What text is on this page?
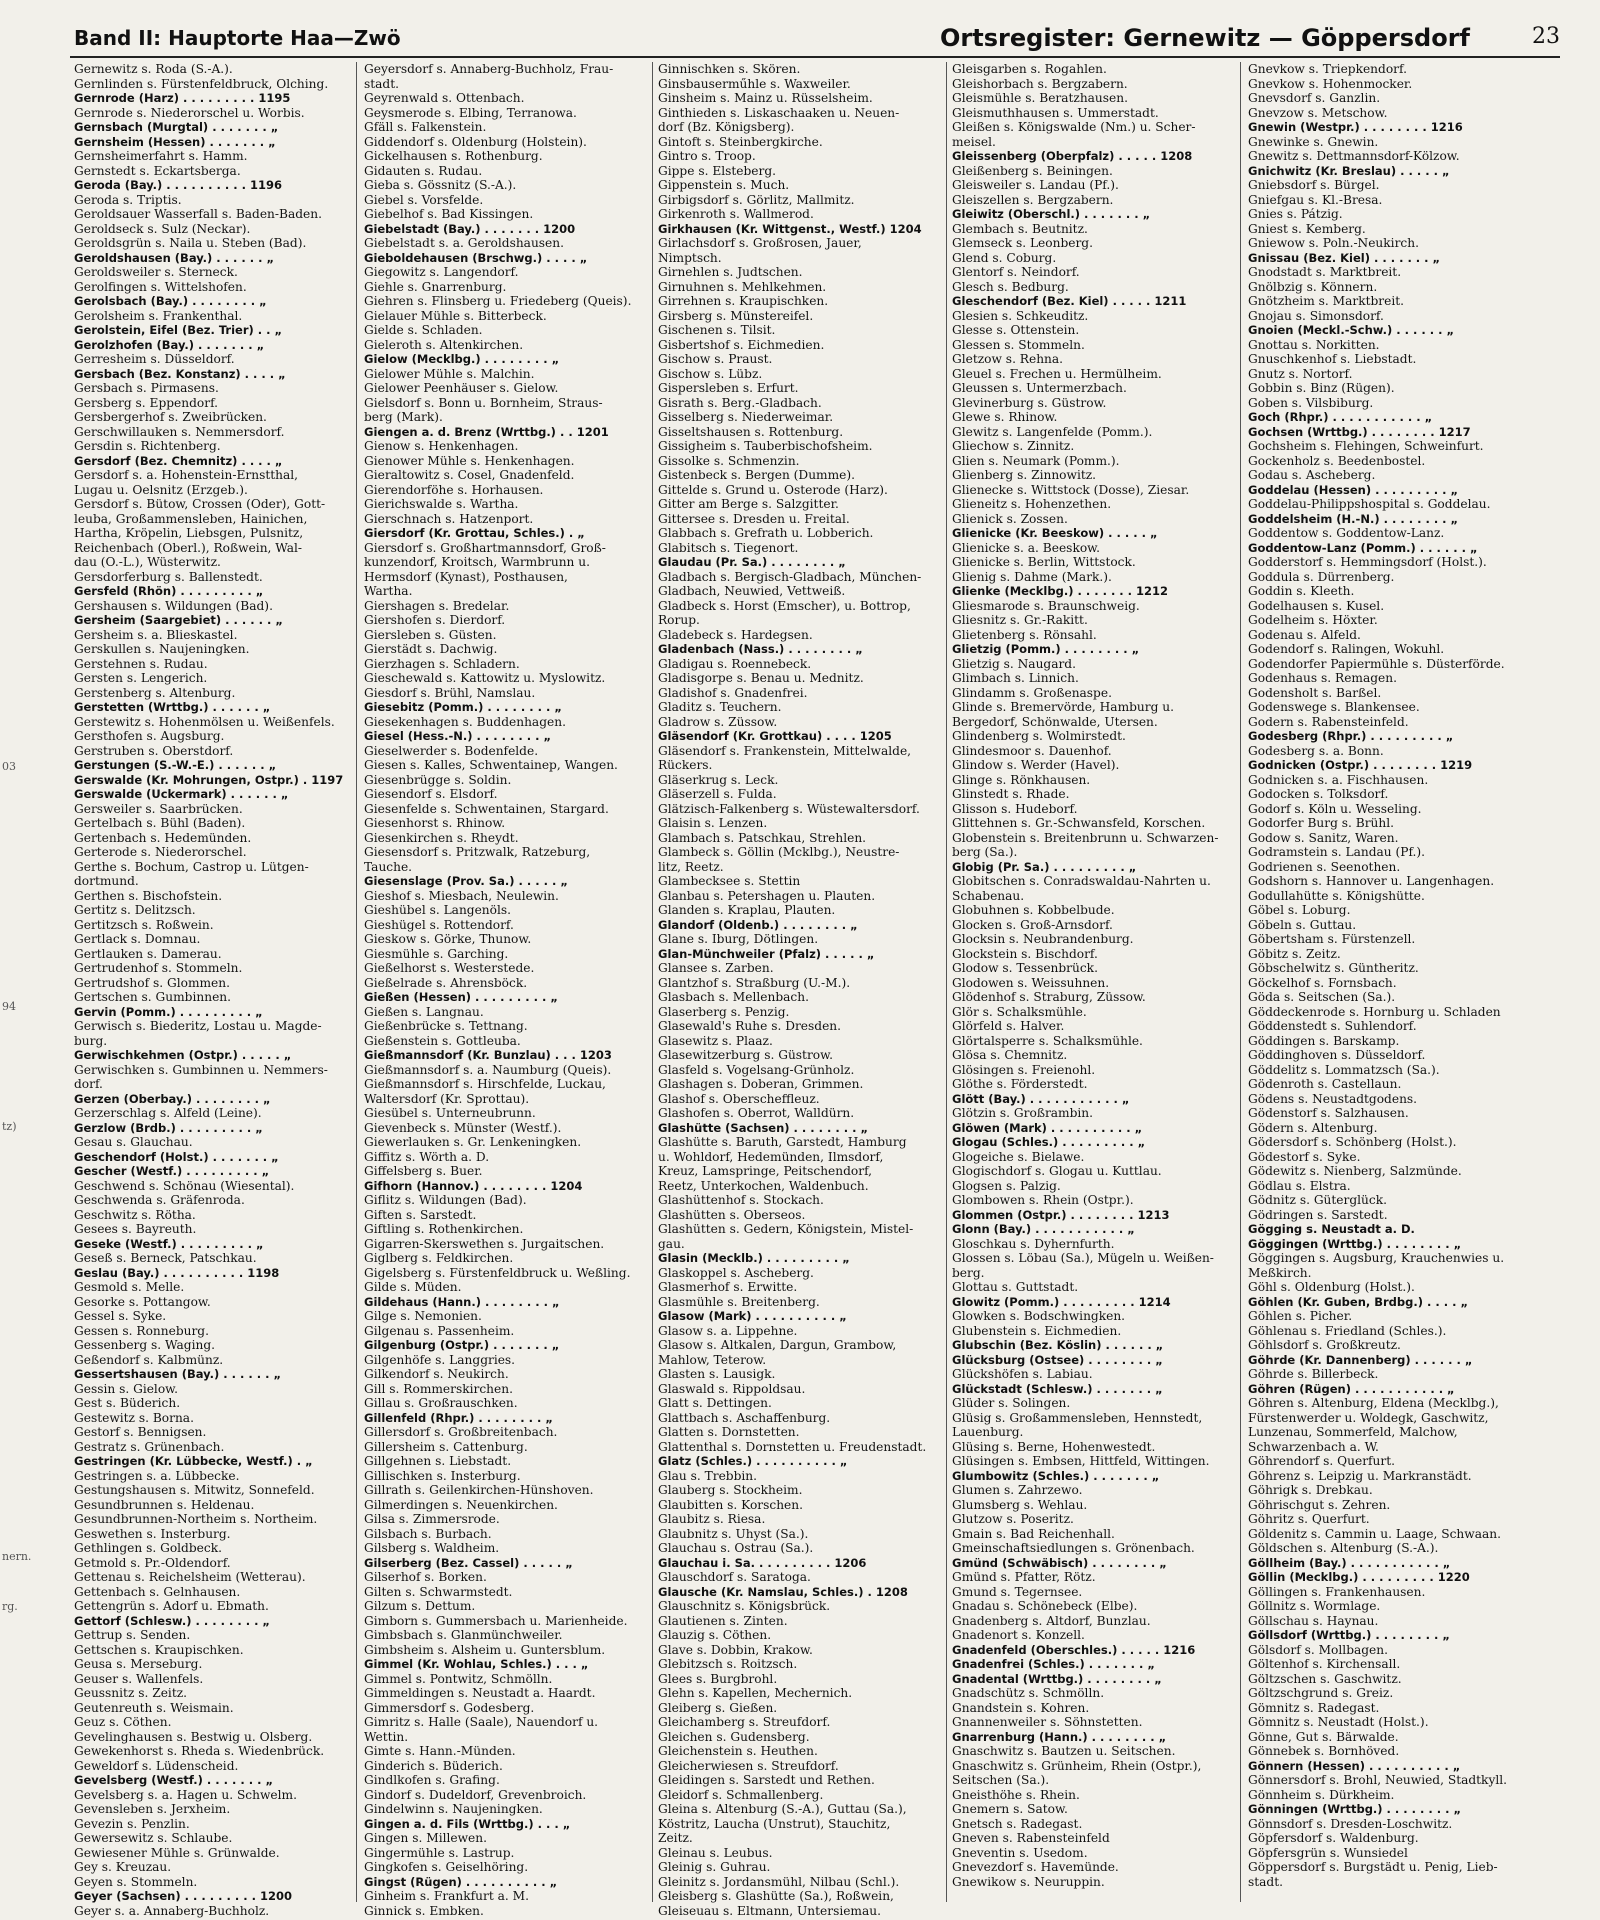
Band II: Hauptorte Haa—Zwö	Ortsregister: Gernewitz — Göppersdorf	23
03
94
tz)
nern.
rg.
Gernewitz s. Roda (S.-A.).
Gernlinden s. Fürstenfeldbruck, Olching.
Gernrode (Harz) . . . . . . . . . 1195
Gernrode s. Niederorschel u. Worbis.
Gernsbach (Murgtal) . . . . . . . „
Gernsheim (Hessen) . . . . . . . „
Gernsheimerfahrt s. Hamm.
Gernstedt s. Eckartsberga.
Geroda (Bay.) . . . . . . . . . . 1196
Geroda s. Triptis.
Geroldsauer Wasserfall s. Baden-Baden.
Geroldseck s. Sulz (Neckar).
Geroldsgrün s. Naila u. Steben (Bad).
Geroldshausen (Bay.) . . . . . . „
Geroldsweiler s. Sterneck.
Gerolfingen s. Wittelshofen.
Gerolsbach (Bay.) . . . . . . . . „
Gerolsheim s. Frankenthal.
Gerolstein, Eifel (Bez. Trier) . . „
Gerolzhofen (Bay.) . . . . . . . „
Gerresheim s. Düsseldorf.
Gersbach (Bez. Konstanz) . . . . „
Gersbach s. Pirmasens.
Gersberg s. Eppendorf.
Gersbergerhof s. Zweibrücken.
Gerschwillauken s. Nemmersdorf.
Gersdin s. Richtenberg.
Gersdorf (Bez. Chemnitz) . . . . „
Gersdorf s. a. Hohenstein-Ernstthal,
Lugau u. Oelsnitz (Erzgeb.).
Gersdorf s. Bütow, Crossen (Oder), Gott-
leuba, Großammensleben, Hainichen,
Hartha, Kröpelin, Liebsgen, Pulsnitz,
Reichenbach (Oberl.), Roßwein, Wal-
dau (O.-L.), Wüsterwitz.
Gersdorferburg s. Ballenstedt.
Gersfeld (Rhön) . . . . . . . . . „
Gershausen s. Wildungen (Bad).
Gersheim (Saargebiet) . . . . . . „
Gersheim s. a. Blieskastel.
Gerskullen s. Naujeningken.
Gerstehnen s. Rudau.
Gersten s. Lengerich.
Gerstenberg s. Altenburg.
Gerstetten (Wrttbg.) . . . . . . „
Gerstewitz s. Hohenmölsen u. Weißenfels.
Gersthofen s. Augsburg.
Gerstruben s. Oberstdorf.
Gerstungen (S.-W.-E.) . . . . . . „
Gerswalde (Kr. Mohrungen, Ostpr.) . 1197
Gerswalde (Uckermark) . . . . . . „
Gersweiler s. Saarbrücken.
Gertelbach s. Bühl (Baden).
Gertenbach s. Hedemünden.
Gerterode s. Niederorschel.
Gerthe s. Bochum, Castrop u. Lütgen-
dortmund.
Gerthen s. Bischofstein.
Gertitz s. Delitzsch.
Gertitzsch s. Roßwein.
Gertlack s. Domnau.
Gertlauken s. Damerau.
Gertrudenhof s. Stommeln.
Gertrudshof s. Glommen.
Gertschen s. Gumbinnen.
Gervin (Pomm.) . . . . . . . . . „
Gerwisch s. Biederitz, Lostau u. Magde-
burg.
Gerwischkehmen (Ostpr.) . . . . . „
Gerwischken s. Gumbinnen u. Nemmers-
dorf.
Gerzen (Oberbay.) . . . . . . . . „
Gerzerschlag s. Alfeld (Leine).
Gerzlow (Brdb.) . . . . . . . . . „
Gesau s. Glauchau.
Geschendorf (Holst.) . . . . . . . „
Gescher (Westf.) . . . . . . . . . „
Geschwend s. Schönau (Wiesental).
Geschwenda s. Gräfenroda.
Geschwitz s. Rötha.
Gesees s. Bayreuth.
Geseke (Westf.) . . . . . . . . . „
Geseß s. Berneck, Patschkau.
Geslau (Bay.) . . . . . . . . . . 1198
Gesmold s. Melle.
Gesorke s. Pottangow.
Gessel s. Syke.
Gessen s. Ronneburg.
Gessenberg s. Waging.
Geßendorf s. Kalbmünz.
Gessertshausen (Bay.) . . . . . . „
Gessin s. Gielow.
Gest s. Büderich.
Gestewitz s. Borna.
Gestorf s. Bennigsen.
Gestratz s. Grünenbach.
Gestringen (Kr. Lübbecke, Westf.) . „
Gestringen s. a. Lübbecke.
Gestungshausen s. Mitwitz, Sonnefeld.
Gesundbrunnen s. Heldenau.
Gesundbrunnen-Northeim s. Northeim.
Geswethen s. Insterburg.
Gethlingen s. Goldbeck.
Getmold s. Pr.-Oldendorf.
Gettenau s. Reichelsheim (Wetterau).
Gettenbach s. Gelnhausen.
Gettengrün s. Adorf u. Ebmath.
Gettorf (Schlesw.) . . . . . . . . „
Gettrup s. Senden.
Gettschen s. Kraupischken.
Geusa s. Merseburg.
Geuser s. Wallenfels.
Geussnitz s. Zeitz.
Geutenreuth s. Weismain.
Geuz s. Cöthen.
Gevelinghausen s. Bestwig u. Olsberg.
Gewekenhorst s. Rheda s. Wiedenbrück.
Geweldorf s. Lüdenscheid.
Gevelsberg (Westf.) . . . . . . . „
Gevelsberg s. a. Hagen u. Schwelm.
Gevensleben s. Jerxheim.
Gevezin s. Penzlin.
Gewersewitz s. Schlaube.
Gewiesener Mühle s. Grünwalde.
Gey s. Kreuzau.
Geyen s. Stommeln.
Geyer (Sachsen) . . . . . . . . . 1200
Geyer s. a. Annaberg-Buchholz.
Geyersdorf s. Annaberg-Buchholz, Frau-
stadt.
Geyrenwald s. Ottenbach.
Geysmerode s. Elbing, Terranowa.
Gfäll s. Falkenstein.
Giddendorf s. Oldenburg (Holstein).
Gickelhausen s. Rothenburg.
Gidauten s. Rudau.
Gieba s. Gössnitz (S.-A.).
Giebel s. Vorsfelde.
Giebelhof s. Bad Kissingen.
Giebelstadt (Bay.) . . . . . . . 1200
Giebelstadt s. a. Geroldshausen.
Gieboldehausen (Brschwg.) . . . . „
Giegowitz s. Langendorf.
Giehle s. Gnarrenburg.
Giehren s. Flinsberg u. Friedeberg (Queis).
Gielauer Mühle s. Bitterbeck.
Gielde s. Schladen.
Gieleroth s. Altenkirchen.
Gielow (Mecklbg.) . . . . . . . . „
Gielower Mühle s. Malchin.
Gielower Peenhäuser s. Gielow.
Gielsdorf s. Bonn u. Bornheim, Straus-
berg (Mark).
Giengen a. d. Brenz (Wrttbg.) . . 1201
Gienow s. Henkenhagen.
Gienower Mühle s. Henkenhagen.
Gieraltowitz s. Cosel, Gnadenfeld.
Gierendorföhe s. Horhausen.
Gierichswalde s. Wartha.
Gierschnach s. Hatzenport.
Giersdorf (Kr. Grottau, Schles.) . „
Giersdorf s. Großhartmannsdorf, Groß-
kunzendorf, Kroitsch, Warmbrunn u.
Hermsdorf (Kynast), Posthausen,
Wartha.
Giershagen s. Bredelar.
Giershofen s. Dierdorf.
Giersleben s. Güsten.
Gierstädt s. Dachwig.
Gierzhagen s. Schladern.
Gieschewald s. Kattowitz u. Myslowitz.
Giesdorf s. Brühl, Namslau.
Giesebitz (Pomm.) . . . . . . . . „
Giesekenhagen s. Buddenhagen.
Giesel (Hess.-N.) . . . . . . . . „
Gieselwerder s. Bodenfelde.
Giesen s. Kalles, Schwentainep, Wangen.
Giesenbrügge s. Soldin.
Giesendorf s. Elsdorf.
Giesenfelde s. Schwentainen, Stargard.
Giesenhorst s. Rhinow.
Giesenkirchen s. Rheydt.
Giesensdorf s. Pritzwalk, Ratzeburg,
Tauche.
Giesenslage (Prov. Sa.) . . . . . „
Gieshof s. Miesbach, Neulewin.
Gieshübel s. Langenöls.
Gieshügel s. Rottendorf.
Gieskow s. Görke, Thunow.
Giesmühle s. Garching.
Gießelhorst s. Westerstede.
Gießelrade s. Ahrensböck.
Gießen (Hessen) . . . . . . . . . „
Gießen s. Langnau.
Gießenbrücke s. Tettnang.
Gießenstein s. Gottleuba.
Gießmannsdorf (Kr. Bunzlau) . . . 1203
Gießmannsdorf s. a. Naumburg (Queis).
Gießmannsdorf s. Hirschfelde, Luckau,
Waltersdorf (Kr. Sprottau).
Giesübel s. Unterneubrunn.
Gievenbeck s. Münster (Westf.).
Giewerlauken s. Gr. Lenkeningken.
Giffitz s. Wörth a. D.
Giffelsberg s. Buer.
Gifhorn (Hannov.) . . . . . . . . 1204
Giflitz s. Wildungen (Bad).
Giften s. Sarstedt.
Giftling s. Rothenkirchen.
Gigarren-Skerswethen s. Jurgaitschen.
Giglberg s. Feldkirchen.
Gigelsberg s. Fürstenfeldbruck u. Weßling.
Gilde s. Müden.
Gildehaus (Hann.) . . . . . . . . „
Gilge s. Nemonien.
Gilgenau s. Passenheim.
Gilgenburg (Ostpr.) . . . . . . . „
Gilgenhöfe s. Langgries.
Gilkendorf s. Neukirch.
Gill s. Rommerskirchen.
Gillau s. Großrauschken.
Gillenfeld (Rhpr.) . . . . . . . . „
Gillersdorf s. Großbreitenbach.
Gillersheim s. Cattenburg.
Gillgehnen s. Liebstadt.
Gillischken s. Insterburg.
Gillrath s. Geilenkirchen-Hünshoven.
Gilmerdingen s. Neuenkirchen.
Gilsa s. Zimmersrode.
Gilsbach s. Burbach.
Gilsberg s. Waldheim.
Gilserberg (Bez. Cassel) . . . . . „
Gilserhof s. Borken.
Gilten s. Schwarmstedt.
Gilzum s. Dettum.
Gimborn s. Gummersbach u. Marienheide.
Gimbsbach s. Glanmünchweiler.
Gimbsheim s. Alsheim u. Guntersblum.
Gimmel (Kr. Wohlau, Schles.) . . . „
Gimmel s. Pontwitz, Schmölln.
Gimmeldingen s. Neustadt a. Haardt.
Gimmersdorf s. Godesberg.
Gimritz s. Halle (Saale), Nauendorf u.
Wettin.
Gimte s. Hann.-Münden.
Ginderich s. Büderich.
Gindlkofen s. Grafing.
Gindorf s. Dudeldorf, Grevenbroich.
Gindelwinn s. Naujeningken.
Gingen a. d. Fils (Wrttbg.) . . . „
Gingen s. Millewen.
Gingermühle s. Lastrup.
Gingkofen s. Geiselhöring.
Gingst (Rügen) . . . . . . . . . . „
Ginheim s. Frankfurt a. M.
Ginnick s. Embken.
Ginnischken s. Skören.
Ginsbauserműhle s. Waxweiler.
Ginsheim s. Mainz u. Rüsselsheim.
Ginthieden s. Liskaschaaken u. Neuen-
dorf (Bz. Königsberg).
Gintoft s. Steinbergkirche.
Gintro s. Troop.
Gippe s. Elsteberg.
Gippenstein s. Much.
Girbigsdorf s. Görlitz, Mallmitz.
Girkenroth s. Wallmerod.
Girkhausen (Kr. Wittgenst., Westf.) 1204
Girlachsdorf s. Großrosen, Jauer,
Nimptsch.
Girnehlen s. Judtschen.
Girnuhnen s. Mehlkehmen.
Girrehnen s. Kraupischken.
Girsberg s. Münstereifel.
Gischenen s. Tilsit.
Gisbertshof s. Eichmedien.
Gischow s. Praust.
Gischow s. Lübz.
Gispersleben s. Erfurt.
Gisrath s. Berg.-Gladbach.
Gisselberg s. Niederweimar.
Gisseltshausen s. Rottenburg.
Gissigheim s. Tauberbischofsheim.
Gissolke s. Schmenzin.
Gistenbeck s. Bergen (Dumme).
Gittelde s. Grund u. Osterode (Harz).
Gitter am Berge s. Salzgitter.
Gittersee s. Dresden u. Freital.
Glabbach s. Grefrath u. Lobberich.
Glabitsch s. Tiegenort.
Glaudau (Pr. Sa.) . . . . . . . . „
Gladbach s. Bergisch-Gladbach, München-
Gladbach, Neuwied, Vettweiß.
Gladbeck s. Horst (Emscher), u. Bottrop,
Rorup.
Gladebeck s. Hardegsen.
Gladenbach (Nass.) . . . . . . . . „
Gladigau s. Roennebeck.
Gladisgorpe s. Benau u. Mednitz.
Gladishof s. Gnadenfrei.
Gladitz s. Teuchern.
Gladrow s. Züssow.
Gläsendorf (Kr. Grottkau) . . . . 1205
Gläsendorf s. Frankenstein, Mittelwalde,
Rückers.
Gläserkrug s. Leck.
Gläserzell s. Fulda.
Glätzisch-Falkenberg s. Wüstewaltersdorf.
Glaisin s. Lenzen.
Glambach s. Patschkau, Strehlen.
Glambeck s. Göllin (Mcklbg.), Neustre-
litz, Reetz.
Glambecksee s. Stettin
Glanbau s. Petershagen u. Plauten.
Glanden s. Kraplau, Plauten.
Glandorf (Oldenb.) . . . . . . . . „
Glane s. Iburg, Dötlingen.
Glan-Münchweiler (Pfalz) . . . . . „
Glansee s. Zarben.
Glantzhof s. Straßburg (U.-M.).
Glasbach s. Mellenbach.
Glaserberg s. Penzig.
Glasewald's Ruhe s. Dresden.
Glasewitz s. Plaaz.
Glasewitzerburg s. Güstrow.
Glasfeld s. Vogelsang-Grünholz.
Glashagen s. Doberan, Grimmen.
Glashof s. Oberscheffleuz.
Glashofen s. Oberrot, Walldürn.
Glashütte (Sachsen) . . . . . . . . „
Glashütte s. Baruth, Garstedt, Hamburg
u. Wohldorf, Hedemünden, Ilmsdorf,
Kreuz, Lamspringe, Peitschendorf,
Reetz, Unterkochen, Waldenbuch.
Glashüttenhof s. Stockach.
Glashütten s. Oberseos.
Glashütten s. Gedern, Königstein, Mistel-
gau.
Glasin (Mecklb.) . . . . . . . . . „
Glaskoppel s. Ascheberg.
Glasmerhof s. Erwitte.
Glasmühle s. Breitenberg.
Glasow (Mark) . . . . . . . . . . „
Glasow s. a. Lippehne.
Glasow s. Altkalen, Dargun, Grambow,
Mahlow, Teterow.
Glasten s. Lausigk.
Glaswald s. Rippoldsau.
Glatt s. Dettingen.
Glattbach s. Aschaffenburg.
Glatten s. Dornstetten.
Glattenthal s. Dornstetten u. Freudenstadt.
Glatz (Schles.) . . . . . . . . . . „
Glau s. Trebbin.
Glauberg s. Stockheim.
Glaubitten s. Korschen.
Glaubitz s. Riesa.
Glaubnitz s. Uhyst (Sa.).
Glauchau s. Ostrau (Sa.).
Glauchau i. Sa. . . . . . . . . . 1206
Glauschdorf s. Saratoga.
Glausche (Kr. Namslau, Schles.) . 1208
Glauschnitz s. Königsbrück.
Glautienen s. Zinten.
Glauzig s. Cöthen.
Glave s. Dobbin, Krakow.
Glebitzsch s. Roitzsch.
Glees s. Burgbrohl.
Glehn s. Kapellen, Mechernich.
Gleiberg s. Gießen.
Gleichamberg s. Streufdorf.
Gleichen s. Gudensberg.
Gleichenstein s. Heuthen.
Gleicherwiesen s. Streufdorf.
Gleidingen s. Sarstedt und Rethen.
Gleidorf s. Schmallenberg.
Gleina s. Altenburg (S.-A.), Guttau (Sa.),
Köstritz, Laucha (Unstrut), Stauchitz,
Zeitz.
Gleinau s. Leubus.
Gleinig s. Guhrau.
Gleinitz s. Jordansmühl, Nilbau (Schl.).
Gleisberg s. Glashütte (Sa.), Roßwein,
Gleiseuau s. Eltmann, Untersiemau.
Gleisgarben s. Rogahlen.
Gleishorbach s. Bergzabern.
Gleismühle s. Beratzhausen.
Gleismuthhausen s. Ummerstadt.
Gleißen s. Königswalde (Nm.) u. Scher-
meisel.
Gleissenberg (Oberpfalz) . . . . . 1208
Gleißenberg s. Beiningen.
Gleisweiler s. Landau (Pf.).
Gleiszellen s. Bergzabern.
Gleiwitz (Oberschl.) . . . . . . . „
Glembach s. Beutnitz.
Glemseck s. Leonberg.
Glend s. Coburg.
Glentorf s. Neindorf.
Glesch s. Bedburg.
Gleschendorf (Bez. Kiel) . . . . . 1211
Glesien s. Schkeuditz.
Glesse s. Ottenstein.
Glessen s. Stommeln.
Gletzow s. Rehna.
Gleuel s. Frechen u. Hermülheim.
Gleussen s. Untermerzbach.
Glevinerburg s. Güstrow.
Glewe s. Rhinow.
Glewitz s. Langenfelde (Pomm.).
Gliechow s. Zinnitz.
Glien s. Neumark (Pomm.).
Glienberg s. Zinnowitz.
Glienecke s. Wittstock (Dosse), Ziesar.
Glieneitz s. Hohenzethen.
Glienick s. Zossen.
Glienicke (Kr. Beeskow) . . . . . „
Glienicke s. a. Beeskow.
Glienicke s. Berlin, Wittstock.
Glienig s. Dahme (Mark.).
Glienke (Mecklbg.) . . . . . . . 1212
Gliesmarode s. Braunschweig.
Gliesnitz s. Gr.-Rakitt.
Glietenberg s. Rönsahl.
Glietzig (Pomm.) . . . . . . . . „
Glietzig s. Naugard.
Glimbach s. Linnich.
Glindamm s. Großenaspe.
Glinde s. Bremervörde, Hamburg u.
Bergedorf, Schönwalde, Utersen.
Glindenberg s. Wolmirstedt.
Glindesmoor s. Dauenhof.
Glindow s. Werder (Havel).
Glinge s. Rönkhausen.
Glinstedt s. Rhade.
Glisson s. Hudeborf.
Glittehnen s. Gr.-Schwansfeld, Korschen.
Globenstein s. Breitenbrunn u. Schwarzen-
berg (Sa.).
Globig (Pr. Sa.) . . . . . . . . . „
Globitschen s. Conradswaldau-Nahrten u.
Schabenau.
Globuhnen s. Kobbelbude.
Glocken s. Groß-Arnsdorf.
Glocksin s. Neubrandenburg.
Glockstein s. Bischdorf.
Glodow s. Tessenbrück.
Glodowen s. Weissuhnen.
Glödenhof s. Straburg, Züssow.
Glör s. Schalksmühle.
Glörfeld s. Halver.
Glörtalsperre s. Schalksmühle.
Glösa s. Chemnitz.
Glösingen s. Freienohl.
Glöthe s. Förderstedt.
Glött (Bay.) . . . . . . . . . . . „
Glötzin s. Großrambin.
Glöwen (Mark) . . . . . . . . . . „
Glogau (Schles.) . . . . . . . . . „
Glogeiche s. Bielawe.
Glogischdorf s. Glogau u. Kuttlau.
Glogsen s. Palzig.
Glombowen s. Rhein (Ostpr.).
Glommen (Ostpr.) . . . . . . . . 1213
Glonn (Bay.) . . . . . . . . . . . „
Gloschkau s. Dyhernfurth.
Glossen s. Löbau (Sa.), Mügeln u. Weißen-
berg.
Glottau s. Guttstadt.
Glowitz (Pomm.) . . . . . . . . . 1214
Glowken s. Bodschwingken.
Glubenstein s. Eichmedien.
Glubschin (Bez. Köslin) . . . . . . „
Glücksburg (Ostsee) . . . . . . . . „
Glückshöfen s. Labiau.
Glückstadt (Schlesw.) . . . . . . . „
Glüder s. Solingen.
Glüsig s. Großammensleben, Hennstedt,
Lauenburg.
Glüsing s. Berne, Hohenwestedt.
Glüsingen s. Embsen, Hittfeld, Wittingen.
Glumbowitz (Schles.) . . . . . . . „
Glumen s. Zahrzewo.
Glumsberg s. Wehlau.
Glutzow s. Poseritz.
Gmain s. Bad Reichenhall.
Gmeinschaftsiedlungen s. Grönenbach.
Gmünd (Schwäbisch) . . . . . . . . „
Gmünd s. Pfatter, Rötz.
Gmund s. Tegernsee.
Gnadau s. Schönebeck (Elbe).
Gnadenberg s. Altdorf, Bunzlau.
Gnadenort s. Konzell.
Gnadenfeld (Oberschles.) . . . . . 1216
Gnadenfrei (Schles.) . . . . . . . „
Gnadental (Wrttbg.) . . . . . . . . „
Gnadschütz s. Schmölln.
Gnandstein s. Kohren.
Gnannenweiler s. Söhnstetten.
Gnarrenburg (Hann.) . . . . . . . . „
Gnaschwitz s. Bautzen u. Seitschen.
Gnaschwitz s. Grünheim, Rhein (Ostpr.),
Seitschen (Sa.).
Gneisthöhe s. Rhein.
Gnemern s. Satow.
Gnetsch s. Radegast.
Gneven s. Rabensteinfeld
Gneventin s. Usedom.
Gnevezdorf s. Havemünde.
Gnewikow s. Neuruppin.
Gnevkow s. Triepkendorf.
Gnevkow s. Hohenmocker.
Gnevsdorf s. Ganzlin.
Gnevzow s. Metschow.
Gnewin (Westpr.) . . . . . . . . 1216
Gnewinke s. Gnewin.
Gnewitz s. Dettmannsdorf-Kölzow.
Gnichwitz (Kr. Breslau) . . . . . „
Gniebsdorf s. Bürgel.
Gniefgau s. Kl.-Bresa.
Gnies s. Pátzig.
Gniest s. Kemberg.
Gniewow s. Poln.-Neukirch.
Gnissau (Bez. Kiel) . . . . . . . „
Gnodstadt s. Marktbreit.
Gnölbzig s. Könnern.
Gnötzheim s. Marktbreit.
Gnojau s. Simonsdorf.
Gnoien (Meckl.-Schw.) . . . . . . „
Gnottau s. Norkitten.
Gnuschkenhof s. Liebstadt.
Gnutz s. Nortorf.
Gobbin s. Binz (Rügen).
Goben s. Vilsbiburg.
Goch (Rhpr.) . . . . . . . . . . . „
Gochsen (Wrttbg.) . . . . . . . . 1217
Gochsheim s. Flehingen, Schweinfurt.
Gockenholz s. Beedenbostel.
Godau s. Ascheberg.
Goddelau (Hessen) . . . . . . . . . „
Goddelau-Philippshospital s. Goddelau.
Goddelsheim (H.-N.) . . . . . . . . „
Goddentow s. Goddentow-Lanz.
Goddentow-Lanz (Pomm.) . . . . . . „
Godderstorf s. Hemmingsdorf (Holst.).
Goddula s. Dürrenberg.
Goddin s. Kleeth.
Godelhausen s. Kusel.
Godelheim s. Höxter.
Godenau s. Alfeld.
Godendorf s. Ralingen, Wokuhl.
Godendorfer Papiermühle s. Düsterförde.
Godenhaus s. Remagen.
Godensholt s. Barßel.
Godenswege s. Blankensee.
Godern s. Rabensteinfeld.
Godesberg (Rhpr.) . . . . . . . . . „
Godesberg s. a. Bonn.
Godnicken (Ostpr.) . . . . . . . . 1219
Godnicken s. a. Fischhausen.
Godocken s. Tolksdorf.
Godorf s. Köln u. Wesseling.
Godorfer Burg s. Brühl.
Godow s. Sanitz, Waren.
Godramstein s. Landau (Pf.).
Godrienen s. Seenothen.
Godshorn s. Hannover u. Langenhagen.
Godullahütte s. Königshütte.
Göbel s. Loburg.
Göbeln s. Guttau.
Göbertsham s. Fürstenzell.
Göbitz s. Zeitz.
Göbschelwitz s. Güntheritz.
Göckelhof s. Fornsbach.
Göda s. Seitschen (Sa.).
Göddeckenrode s. Hornburg u. Schladen
Göddenstedt s. Suhlendorf.
Göddingen s. Barskamp.
Göddinghoven s. Düsseldorf.
Göddelitz s. Lommatzsch (Sa.).
Gödenroth s. Castellaun.
Gödens s. Neustadtgodens.
Gödenstorf s. Salzhausen.
Gödern s. Altenburg.
Gödersdorf s. Schönberg (Holst.).
Gödestorf s. Syke.
Gödewitz s. Nienberg, Salzmünde.
Gödlau s. Elstra.
Gödnitz s. Güterglück.
Gödringen s. Sarstedt.
Gögging s. Neustadt a. D.
Göggingen (Wrttbg.) . . . . . . . . „
Göggingen s. Augsburg, Krauchenwies u.
Meßkirch.
Göhl s. Oldenburg (Holst.).
Göhlen (Kr. Guben, Brdbg.) . . . . „
Göhlen s. Picher.
Göhlenau s. Friedland (Schles.).
Göhlsdorf s. Großkreutz.
Göhrde (Kr. Dannenberg) . . . . . . „
Göhrde s. Billerbeck.
Göhren (Rügen) . . . . . . . . . . . „
Göhren s. Altenburg, Eldena (Mecklbg.),
Fürstenwerder u. Woldegk, Gaschwitz,
Lunzenau, Sommerfeld, Malchow,
Schwarzenbach a. W.
Göhrendorf s. Querfurt.
Göhrenz s. Leipzig u. Markranstädt.
Göhrigk s. Drebkau.
Göhrischgut s. Zehren.
Göhritz s. Querfurt.
Göldenitz s. Cammin u. Laage, Schwaan.
Göldschen s. Altenburg (S.-A.).
Göllheim (Bay.) . . . . . . . . . . . „
Göllin (Mecklbg.) . . . . . . . . . 1220
Göllingen s. Frankenhausen.
Göllnitz s. Wormlage.
Göllschau s. Haynau.
Göllsdorf (Wrttbg.) . . . . . . . . „
Gölsdorf s. Mollbagen.
Göltenhof s. Kirchensall.
Göltzschen s. Gaschwitz.
Göltzschgrund s. Greiz.
Gömnitz s. Radegast.
Gömnitz s. Neustadt (Holst.).
Gönne, Gut s. Bärwalde.
Gönnebek s. Bornhöved.
Gönnern (Hessen) . . . . . . . . . . „
Gönnersdorf s. Brohl, Neuwied, Stadtkyll.
Gönnheim s. Dürkheim.
Gönningen (Wrttbg.) . . . . . . . . „
Gönnsdorf s. Dresden-Loschwitz.
Göpfersdorf s. Waldenburg.
Göpfersgrün s. Wunsiedel
Göppersdorf s. Burgstädt u. Penig, Lieb-
stadt.
